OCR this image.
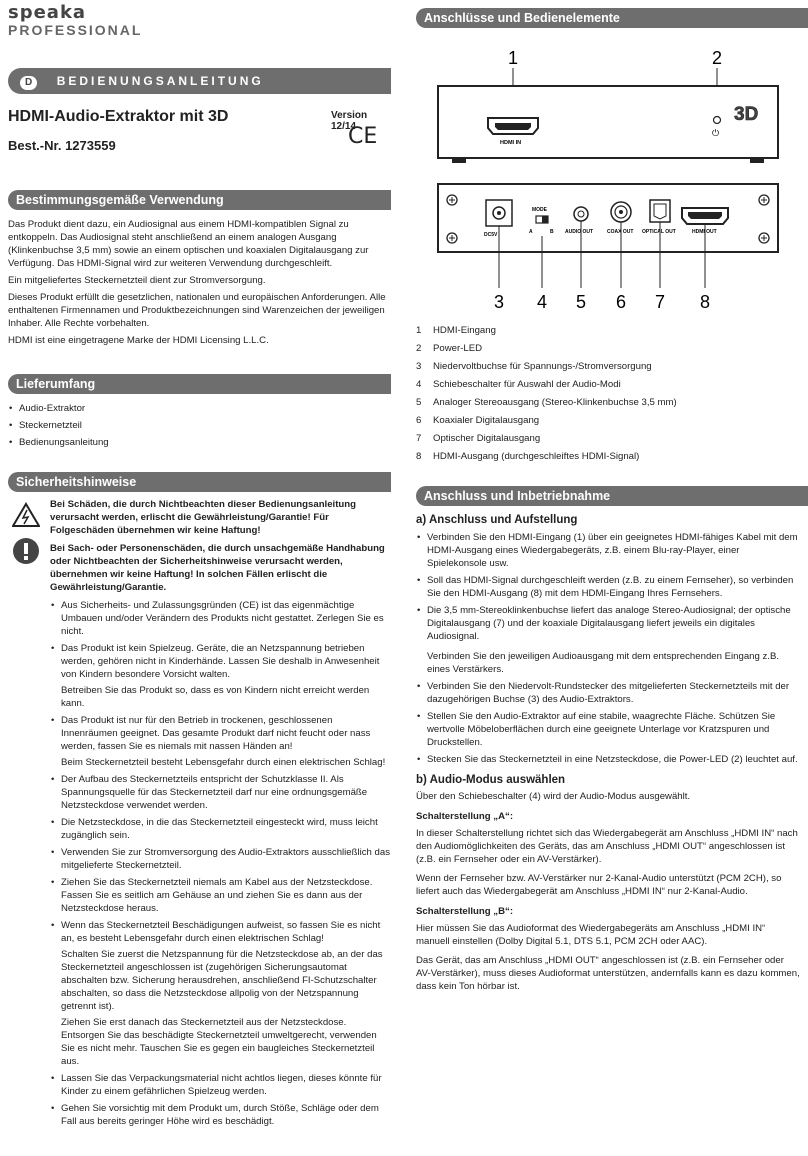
speaka
PROFESSIONAL
D BEDIENUNGSANLEITUNG
HDMI-Audio-Extraktor mit 3D	Version 12/14
Best.-Nr. 1273559	CE
Bestimmungsgemäße Verwendung

Das Produkt dient dazu, ein Audiosignal aus einem HDMI-kompatiblen Signal zu entkoppeln. Das Audiosignal steht anschließend an einem analogen Ausgang (Klinkenbuchse 3,5 mm) sowie an einem optischen und koaxialen Digitalausgang zur Verfügung. Das HDMI-Signal wird zur weiteren Verwendung durchgeschleift.

Ein mitgeliefertes Steckernetzteil dient zur Stromversorgung.

Dieses Produkt erfüllt die gesetzlichen, nationalen und europäischen Anforderungen. Alle enthaltenen Firmennamen und Produktbezeichnungen sind Warenzeichen der jeweiligen Inhaber. Alle Rechte vorbehalten.

HDMI ist eine eingetragene Marke der HDMI Licensing L.L.C.

Lieferumfang
• Audio-Extraktor
• Steckernetzteil
• Bedienungsanleitung
Sicherheitshinweise

Bei Schäden, die durch Nichtbeachten dieser Bedienungsanleitung verursacht werden, erlischt die Gewährleistung/Garantie! Für Folgeschäden übernehmen wir keine Haftung!

Bei Sach- oder Personenschäden, die durch unsachgemäße Handhabung oder Nichtbeachten der Sicherheitshinweise verursacht werden, übernehmen wir keine Haftung! In solchen Fällen erlischt die Gewährleistung/Garantie.

• Aus Sicherheits- und Zulassungsgründen (CE) ist das eigenmächtige Umbauen und/oder Verändern des Produkts nicht gestattet. Zerlegen Sie es nicht.
• Das Produkt ist kein Spielzeug. Geräte, die an Netzspannung betrieben werden, gehören nicht in Kinderhände. Lassen Sie deshalb in Anwesenheit von Kindern besondere Vorsicht walten.
Betreiben Sie das Produkt so, dass es von Kindern nicht erreicht werden kann.
• Das Produkt ist nur für den Betrieb in trockenen, geschlossenen Innenräumen geeignet. Das gesamte Produkt darf nicht feucht oder nass werden, fassen Sie es niemals mit nassen Händen an!
Beim Steckernetzteil besteht Lebensgefahr durch einen elektrischen Schlag!
• Der Aufbau des Steckernetzteils entspricht der Schutzklasse II. Als Spannungsquelle für das Steckernetzteil darf nur eine ordnungsgemäße Netzsteckdose verwendet werden.
• Die Netzsteckdose, in die das Steckernetzteil eingesteckt wird, muss leicht zugänglich sein.
• Verwenden Sie zur Stromversorgung des Audio-Extraktors ausschließlich das mitgelieferte Steckernetzteil.
• Ziehen Sie das Steckernetzteil niemals am Kabel aus der Netzsteckdose. Fassen Sie es seitlich am Gehäuse an und ziehen Sie es dann aus der Netzsteckdose heraus.
• Wenn das Steckernetzteil Beschädigungen aufweist, so fassen Sie es nicht an, es besteht Lebensgefahr durch einen elektrischen Schlag!
Schalten Sie zuerst die Netzspannung für die Netzsteckdose ab, an der das Steckernetzteil angeschlossen ist (zugehörigen Sicherungsautomat abschalten bzw. Sicherung herausdrehen, anschließend FI-Schutzschalter abschalten, so dass die Netzsteckdose allpolig von der Netzspannung getrennt ist).
Ziehen Sie erst danach das Steckernetzteil aus der Netzsteckdose. Entsorgen Sie das beschädigte Steckernetzteil umweltgerecht, verwenden Sie es nicht mehr. Tauschen Sie es gegen ein baugleiches Steckernetzteil aus.
• Lassen Sie das Verpackungsmaterial nicht achtlos liegen, dieses könnte für Kinder zu einem gefährlichen Spielzeug werden.
• Gehen Sie vorsichtig mit dem Produkt um, durch Stöße, Schläge oder dem Fall aus bereits geringer Höhe wird es beschädigt.
Anschlüsse und Bedienelemente
1	2
HDMI IN
⏻
3D
DC5V
MODE
A	B AUDIO OUT	COAX OUT OPTICAL OUT	HDMI OUT
3 4 5 6 7 8
1 HDMI-Eingang
2 Power-LED
3 Niedervoltbuchse für Spannungs-/Stromversorgung
4 Schiebeschalter für Auswahl der Audio-Modi
5 Analoger Stereoausgang (Stereo-Klinkenbuchse 3,5 mm)
6 Koaxialer Digitalausgang
7 Optischer Digitalausgang
8 HDMI-Ausgang (durchgeschleiftes HDMI-Signal)
Anschluss und Inbetriebnahme
a) Anschluss und Aufstellung
• Verbinden Sie den HDMI-Eingang (1) über ein geeignetes HDMI-fähiges Kabel mit dem HDMI-Ausgang eines Wiedergabegeräts, z.B. einem Blu-ray-Player, einer Spielekonsole usw.
• Soll das HDMI-Signal durchgeschleift werden (z.B. zu einem Fernseher), so verbinden Sie den HDMI-Ausgang (8) mit dem HDMI-Eingang Ihres Fernsehers.
• Die 3,5 mm-Stereoklinkenbuchse liefert das analoge Stereo-Audiosignal; der optische Digitalausgang (7) und der koaxiale Digitalausgang liefert jeweils ein digitales Audiosignal.
Verbinden Sie den jeweiligen Audioausgang mit dem entsprechenden Eingang z.B. eines Verstärkers.
• Verbinden Sie den Niedervolt-Rundstecker des mitgelieferten Steckernetzteils mit der dazugehörigen Buchse (3) des Audio-Extraktors.
• Stellen Sie den Audio-Extraktor auf eine stabile, waagrechte Fläche. Schützen Sie wertvolle Möbeloberflächen durch eine geeignete Unterlage vor Kratzspuren und Druckstellen.
• Stecken Sie das Steckernetzteil in eine Netzsteckdose, die Power-LED (2) leuchtet auf.
b) Audio-Modus auswählen

Über den Schiebeschalter (4) wird der Audio-Modus ausgewählt.

Schalterstellung „A“:

In dieser Schalterstellung richtet sich das Wiedergabegerät am Anschluss „HDMI IN“ nach den Audiomöglichkeiten des Geräts, das am Anschluss „HDMI OUT“ angeschlossen ist (z.B. ein Fernseher oder ein AV-Verstärker).

Wenn der Fernseher bzw. AV-Verstärker nur 2-Kanal-Audio unterstützt (PCM 2CH), so liefert auch das Wiedergabegerät am Anschluss „HDMI IN“ nur 2-Kanal-Audio.

Schalterstellung „B“:

Hier müssen Sie das Audioformat des Wiedergabegeräts am Anschluss „HDMI IN“ manuell einstellen (Dolby Digital 5.1, DTS 5.1, PCM 2CH oder AAC).

Das Gerät, das am Anschluss „HDMI OUT“ angeschlossen ist (z.B. ein Fernseher oder AV-Verstärker), muss dieses Audioformat unterstützen, andernfalls kann es dazu kommen, dass kein Ton hörbar ist.
